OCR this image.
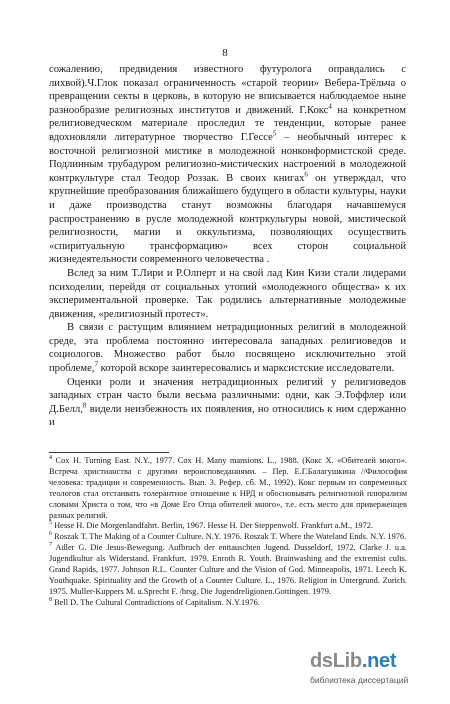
8

сожалению, предвидения известного футуролога оправдались с лихвой).Ч.Глок показал ограниченность «старой теории» Вебера-Трёльча о превращении секты в церковь, в которую не вписывается наблюдаемое ныне разнообразие религиозных институтов и движений. Г.Кокс$^4$ на конкретном религиоведческом материале проследил те тенденции, которые ранее вдохновляли литературное творчество Г.Гессе$^5$ – необычный интерес к восточной религиозной мистике в молодежной нонконформистской среде. Подлинным трубадуром религиозно-мистических настроений в молодежной контркультуре стал Теодор Роззак. В своих книгах$^6$ он утверждал, что крупнейшие преобразования ближайшего будущего в области культуры, науки и даже производства станут возможны благодаря начавшемуся распространению в русле молодежной контркультуры новой, мистической религиозности, магии и оккультизма, позволяющих осуществить «спиритуальную трансформацию» всех сторон социальной жизнедеятельности современного человечества .

Вслед за ним Т.Лири и Р.Олперт и на свой лад Кин Кизи стали лидерами психоделии, перейдя от социальных утопий «молодежного общества» к их экспериментальной проверке. Так родились альтернативные молодежные движения, «религиозный протест».

В связи с растущим влиянием нетрадиционных религий в молодежной среде, эта проблема постоянно интересовала западных религиоведов и социологов. Множество работ было посвящено исключительно этой проблеме,$^7$ которой вскоре заинтересовались и марксистские исследователи.

Оценки роли и значения нетрадиционных религий у религиоведов западных стран часто были весьма различными: одни, как Э.Тоффлер или Д.Белл,$^8$ видели неизбежность их появления, но относились к ним сдержанно и

$^4$ Cox H. Turning East. N.Y., 1977. Cox H. Many mansions. L., 1988. (Кокс X. «Обителей много». Встреча христианства с другими вероисповеданиями. – Пер. Е.Г.Балагушкина //Философия человека: традиции и современность. Вып. 3. Рефер. сб. М., 1992). Кокс первым из современных теологов стал отстаивать толерантное отношение к НРД и обосновывать религиозной плюрализм словами Христа о том, что «в Доме Его Отца обителей много», т.е. есть место для приверженцев разных религий.

$^5$ Hesse H. Die Morgenlandfahrt. Berlin, 1967. Hesse H. Der Steppenwolf. Frankfurt a.M., 1972.

$^6$ Roszak T. The Making of a Counter Culture. N.Y. 1976. Roszak T. Where the Wateland Ends. N.Y. 1976.

$^7$ Adler G. Die Jesus-Bewegung. Aufbruch der enttauschten Jugend. Dusseldorf, 1972. Clarke J. u.a. Jugendkultur als Widerstand. Frankfurt. 1979. Enroth R. Youth. Brainwashing and the extremist cults. Grand Rapids, 1977. Johnson R.L. Counter Culture and the Vision of God. Minneapolis, 1971. Leech K. Youthquake. Spirituality and the Growth of a Counter Culture. L., 1976. Religion in Untergrund. Zurich. 1975. Muller-Kuppers M. u.Sprecht F. /hrsg. Die Jugendreligionen.Gottingen. 1979.

$^8$ Bell D. The Cultural Contradictions of Capitalism. N.Y.1976.

dsLib.net
библиотека диссертаций
